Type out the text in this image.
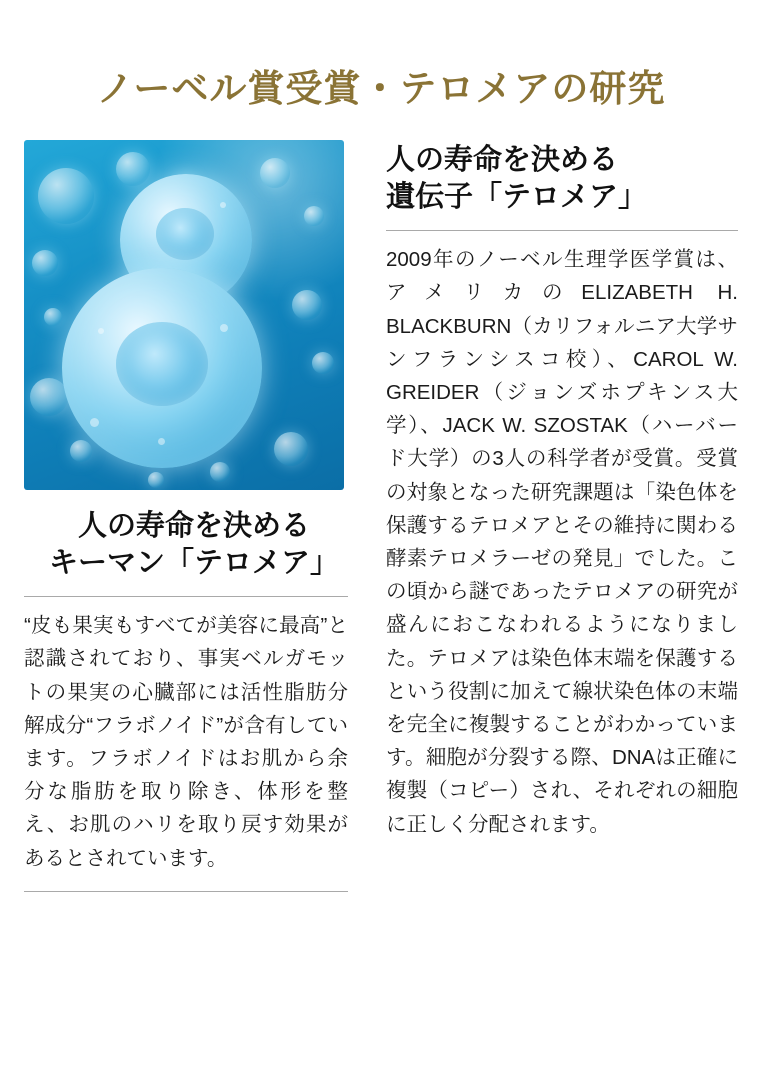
ノーベル賞受賞・テロメアの研究
人の寿命を決める
キーマン「テロメア」

“皮も果実もすべてが美容に最高”と認識されており、事実ベルガモットの果実の心臓部には活性脂肪分解成分“フラボノイド”が含有しています。フラボノイドはお肌から余分な脂肪を取り除き、体形を整え、お肌のハリを取り戻す効果があるとされています。

人の寿命を決める
遺伝子「テロメア」

2009年のノーベル生理学医学賞は、アメリカのELIZABETH H. BLACKBURN（カリフォルニア大学サンフランシスコ校）、CAROL W. GREIDER（ジョンズホプキンス大学）、JACK W. SZOSTAK（ハーバード大学）の3人の科学者が受賞。受賞の対象となった研究課題は「染色体を保護するテロメアとその維持に関わる酵素テロメラーゼの発見」でした。この頃から謎であったテロメアの研究が盛んにおこなわれるようになりました。テロメアは染色体末端を保護するという役割に加えて線状染色体の末端を完全に複製することがわかっています。細胞が分裂する際、DNAは正確に複製（コピー）され、それぞれの細胞に正しく分配されます。
